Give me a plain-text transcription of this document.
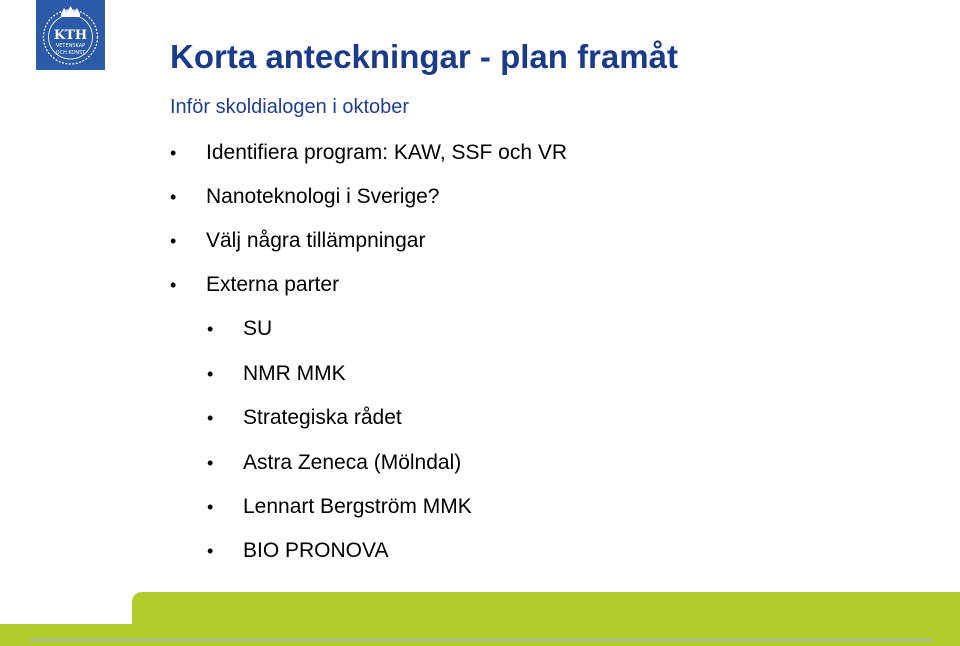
KTH
VETENSKAP
OCH KONST	Korta anteckningar - plan framåt
Inför skoldialogen i oktober
• Identifiera program: KAW, SSF och VR
• Nanoteknologi i Sverige?
• Välj några tillämpningar
• Externa parter
• SU
• NMR MMK
• Strategiska rådet
• Astra Zeneca (Mölndal)
• Lennart Bergström MMK
• BIO PRONOVA
